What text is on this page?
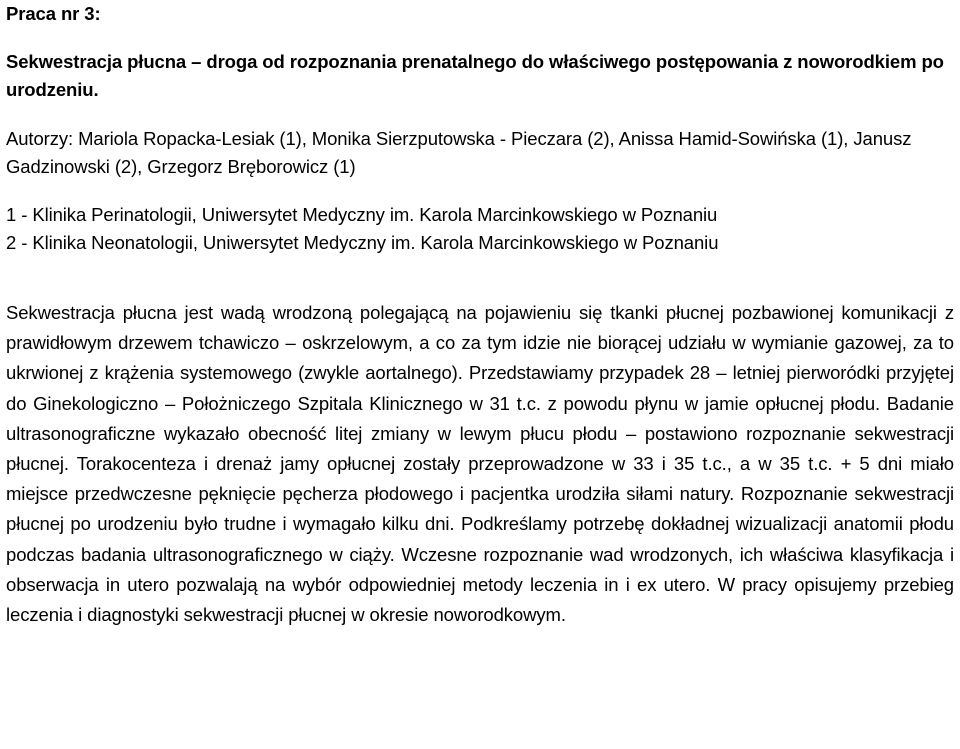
Praca nr 3:

Sekwestracja płucna – droga od rozpoznania prenatalnego do właściwego postępowania z noworodkiem po urodzeniu.

Autorzy: Mariola Ropacka-Lesiak (1), Monika Sierzputowska - Pieczara (2), Anissa Hamid-Sowińska (1), Janusz Gadzinowski (2), Grzegorz Bręborowicz (1)

1 - Klinika Perinatologii, Uniwersytet Medyczny im. Karola Marcinkowskiego w Poznaniu

2 - Klinika Neonatologii, Uniwersytet Medyczny im. Karola Marcinkowskiego w Poznaniu

Sekwestracja płucna jest wadą wrodzoną polegającą na pojawieniu się tkanki płucnej pozbawionej komunikacji z prawidłowym drzewem tchawiczo – oskrzelowym, a co za tym idzie nie biorącej udziału w wymianie gazowej, za to ukrwionej z krążenia systemowego (zwykle aortalnego). Przedstawiamy przypadek 28 – letniej pierworódki przyjętej do Ginekologiczno – Położniczego Szpitala Klinicznego w 31 t.c. z powodu płynu w jamie opłucnej płodu. Badanie ultrasonograficzne wykazało obecność litej zmiany w lewym płucu płodu – postawiono rozpoznanie sekwestracji płucnej. Torakocenteza i drenaż jamy opłucnej zostały przeprowadzone w 33 i 35 t.c., a w 35 t.c. + 5 dni miało miejsce przedwczesne pęknięcie pęcherza płodowego i pacjentka urodziła siłami natury. Rozpoznanie sekwestracji płucnej po urodzeniu było trudne i wymagało kilku dni. Podkreślamy potrzebę dokładnej wizualizacji anatomii płodu podczas badania ultrasonograficznego w ciąży. Wczesne rozpoznanie wad wrodzonych, ich właściwa klasyfikacja i obserwacja in utero pozwalają na wybór odpowiedniej metody leczenia in i ex utero. W pracy opisujemy przebieg leczenia i diagnostyki sekwestracji płucnej w okresie noworodkowym.
